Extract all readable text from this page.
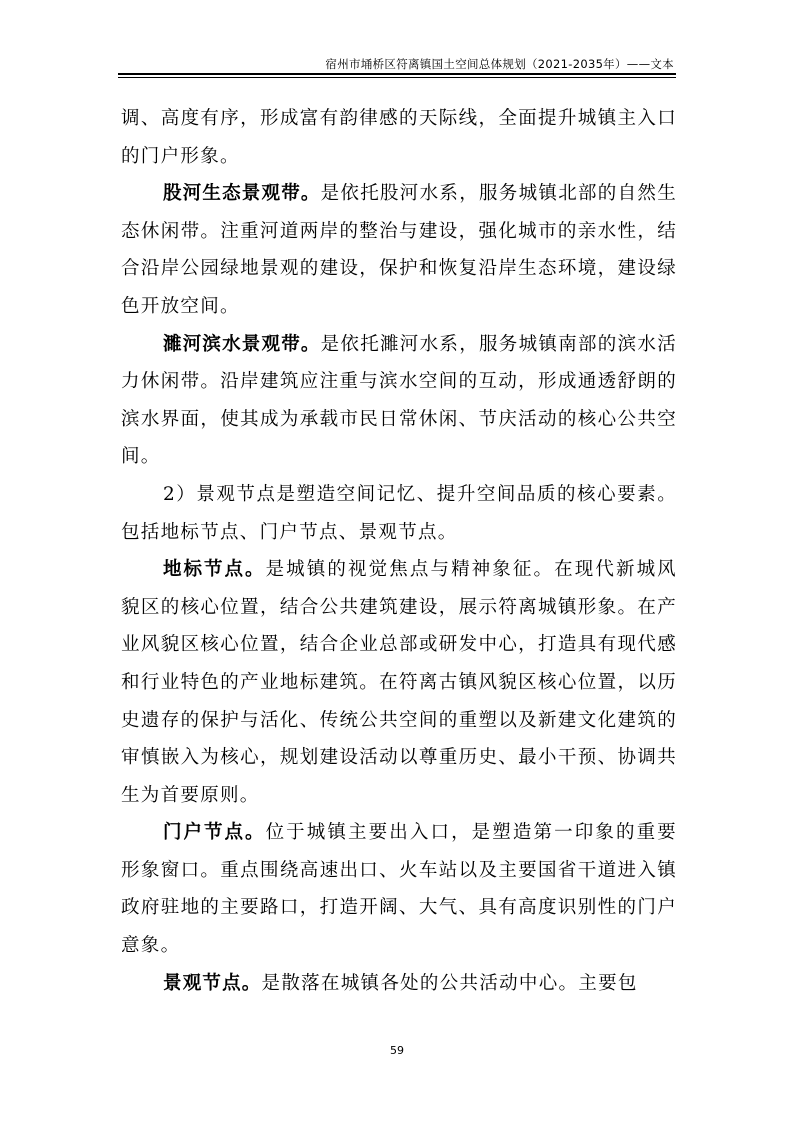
宿州市埇桥区符离镇国土空间总体规划（2021-2035年）——文本

调、高度有序，形成富有韵律感的天际线，全面提升城镇主入口的门户形象。

股河生态景观带。是依托股河水系，服务城镇北部的自然生态休闲带。注重河道两岸的整治与建设，强化城市的亲水性，结合沿岸公园绿地景观的建设，保护和恢复沿岸生态环境，建设绿色开放空间。

濉河滨水景观带。是依托濉河水系，服务城镇南部的滨水活力休闲带。沿岸建筑应注重与滨水空间的互动，形成通透舒朗的滨水界面，使其成为承载市民日常休闲、节庆活动的核心公共空间。

2）景观节点是塑造空间记忆、提升空间品质的核心要素。包括地标节点、门户节点、景观节点。

地标节点。是城镇的视觉焦点与精神象征。在现代新城风貌区的核心位置，结合公共建筑建设，展示符离城镇形象。在产业风貌区核心位置，结合企业总部或研发中心，打造具有现代感和行业特色的产业地标建筑。在符离古镇风貌区核心位置，以历史遗存的保护与活化、传统公共空间的重塑以及新建文化建筑的审慎嵌入为核心，规划建设活动以尊重历史、最小干预、协调共生为首要原则。

门户节点。位于城镇主要出入口，是塑造第一印象的重要形象窗口。重点围绕高速出口、火车站以及主要国省干道进入镇政府驻地的主要路口，打造开阔、大气、具有高度识别性的门户意象。

景观节点。是散落在城镇各处的公共活动中心。主要包

59
